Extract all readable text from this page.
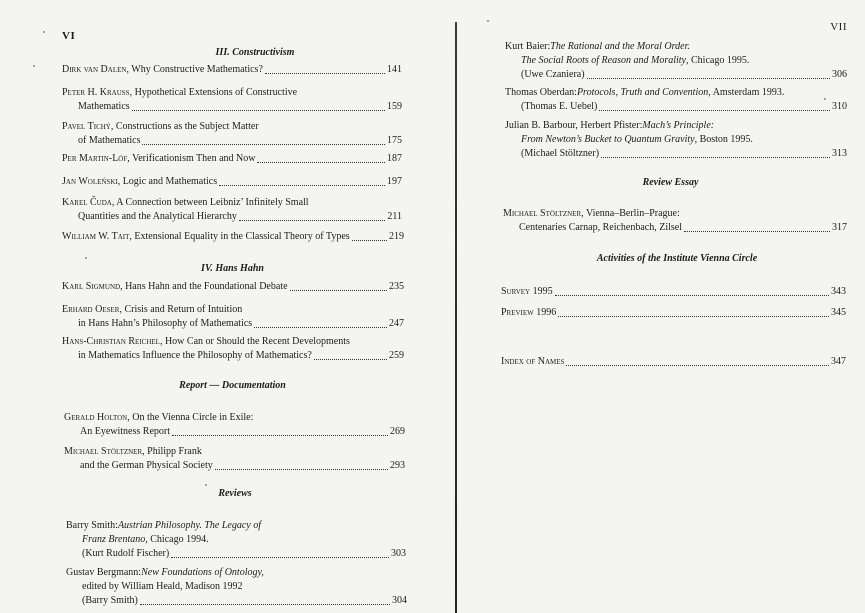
VI
III. Constructivism
Dirk van Dalen , Why Constructive Mathematics?	141
Peter H. Krauss , Hypothetical Extensions of Constructive
Mathematics	159
Pavel Tichý , Constructions as the Subject Matter
of Mathematics	175
Per Martin-Löf , Verificationism Then and Now	187
Jan Woleński , Logic and Mathematics	197
Karel Čuda , A Connection between Leibniz’ Infinitely Small
Quantities and the Analytical Hierarchy	211
William W. Tait , Extensional Equality in the Classical Theory of Types	219
IV. Hans Hahn
Karl Sigmund , Hans Hahn and the Foundational Debate	235
Erhard Oeser , Crisis and Return of Intuition
in Hans Hahn’s Philosophy of Mathematics	247
Hans-Christian Reichel , How Can or Should the Recent Developments
in Mathematics Influence the Philosophy of Mathematics?	259
Report — Documentation
Gerald Holton , On the Vienna Circle in Exile:
An Eyewitness Report	269
Michael Stöltzner , Philipp Frank
and the German Physical Society	293
Reviews
Barry Smith: Austrian Philosophy. The Legacy of
Franz Brentano , Chicago 1994.
(Kurt Rudolf Fischer)	303
Gustav Bergmann: New Foundations of Ontology,
edited by William Heald, Madison 1992
(Barry Smith)	304
VII
Kurt Baier: The Rational and the Moral Order.
The Social Roots of Reason and Morality , Chicago 1995.
(Uwe Czaniera)	306
Thomas Oberdan: Protocols, Truth and Convention , Amsterdam 1993.
(Thomas E. Uebel)	310
Julian B. Barbour, Herbert Pfister: Mach’s Principle:
From Newton’s Bucket to Quantum Gravity , Boston 1995.
(Michael Stöltzner)	313
Review Essay
Michael Stöltzner , Vienna–Berlin–Prague:
Centenaries Carnap, Reichenbach, Zilsel	317
Activities of the Institute Vienna Circle
Survey 1995	343
Preview 1996	345
Index of Names	347
